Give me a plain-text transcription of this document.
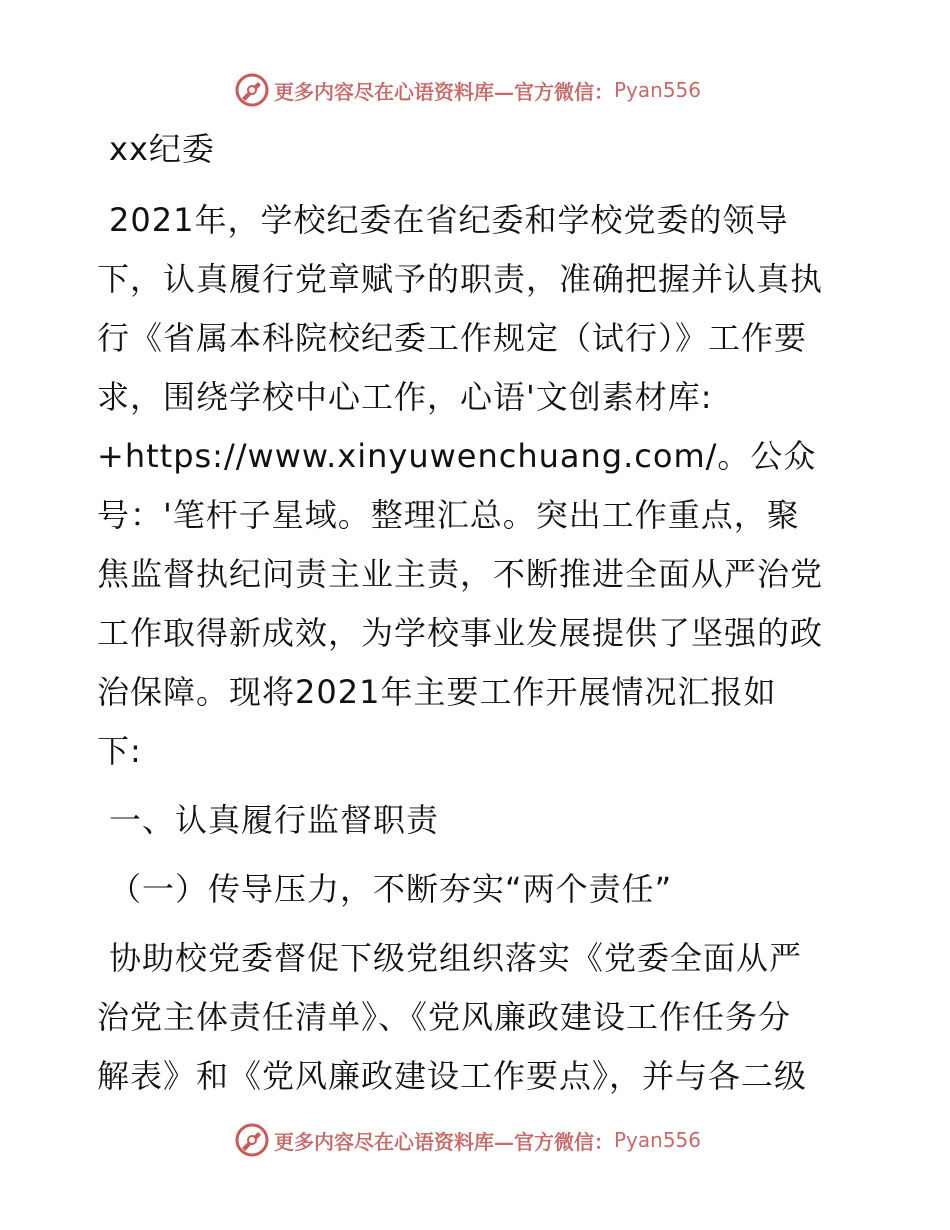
更多内容尽在心语资料库—官方微信： Pyan556

xx纪委

2021年，学校纪委在省纪委和学校党委的领导

下，认真履行党章赋予的职责，准确把握并认真执

行《省属本科院校纪委工作规定（试行）》工作要

求，围绕学校中心工作，心语'文创素材库:

+https://www.xinyuwenchuang.com/。公众

号：'笔杆子星域。整理汇总。突出工作重点，聚

焦监督执纪问责主业主责，不断推进全面从严治党

工作取得新成效，为学校事业发展提供了坚强的政

治保障。现将2021年主要工作开展情况汇报如

下:

一、认真履行监督职责

（一）传导压力，不断夯实“两个责任”

协助校党委督促下级党组织落实《党委全面从严

治党主体责任清单》、《党风廉政建设工作任务分

解表》和《党风廉政建设工作要点》，并与各二级

更多内容尽在心语资料库—官方微信： Pyan556
